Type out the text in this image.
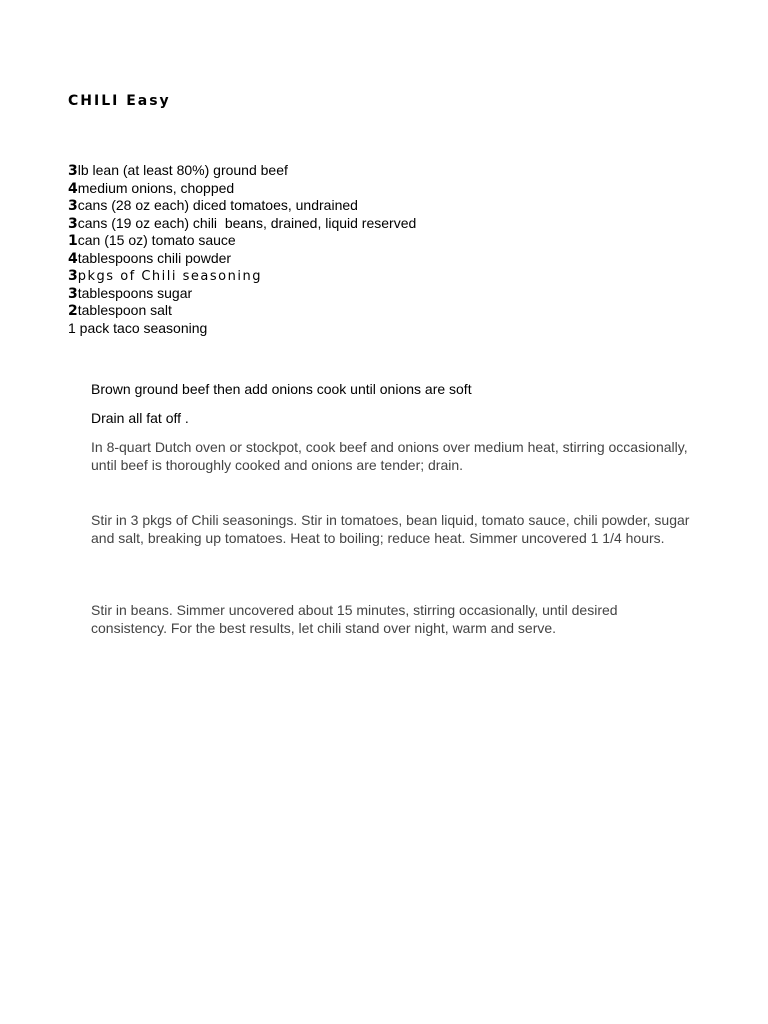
CHILI Easy
3lb lean (at least 80%) ground beef
4medium onions, chopped
3cans (28 oz each) diced tomatoes, undrained
3cans (19 oz each) chili  beans, drained, liquid reserved
1can (15 oz) tomato sauce
4tablespoons chili powder
3pkgs of Chili seasoning
3tablespoons sugar
2tablespoon salt
1 pack taco seasoning

Brown ground beef then add onions cook until onions are soft

Drain all fat off .

In 8-quart Dutch oven or stockpot, cook beef and onions over medium heat, stirring occasionally, until beef is thoroughly cooked and onions are tender; drain.

Stir in 3 pkgs of Chili seasonings. Stir in tomatoes, bean liquid, tomato sauce, chili powder, sugar and salt, breaking up tomatoes. Heat to boiling; reduce heat. Simmer uncovered 1 1/4 hours.

Stir in beans. Simmer uncovered about 15 minutes, stirring occasionally, until desired consistency. For the best results, let chili stand over night, warm and serve.
